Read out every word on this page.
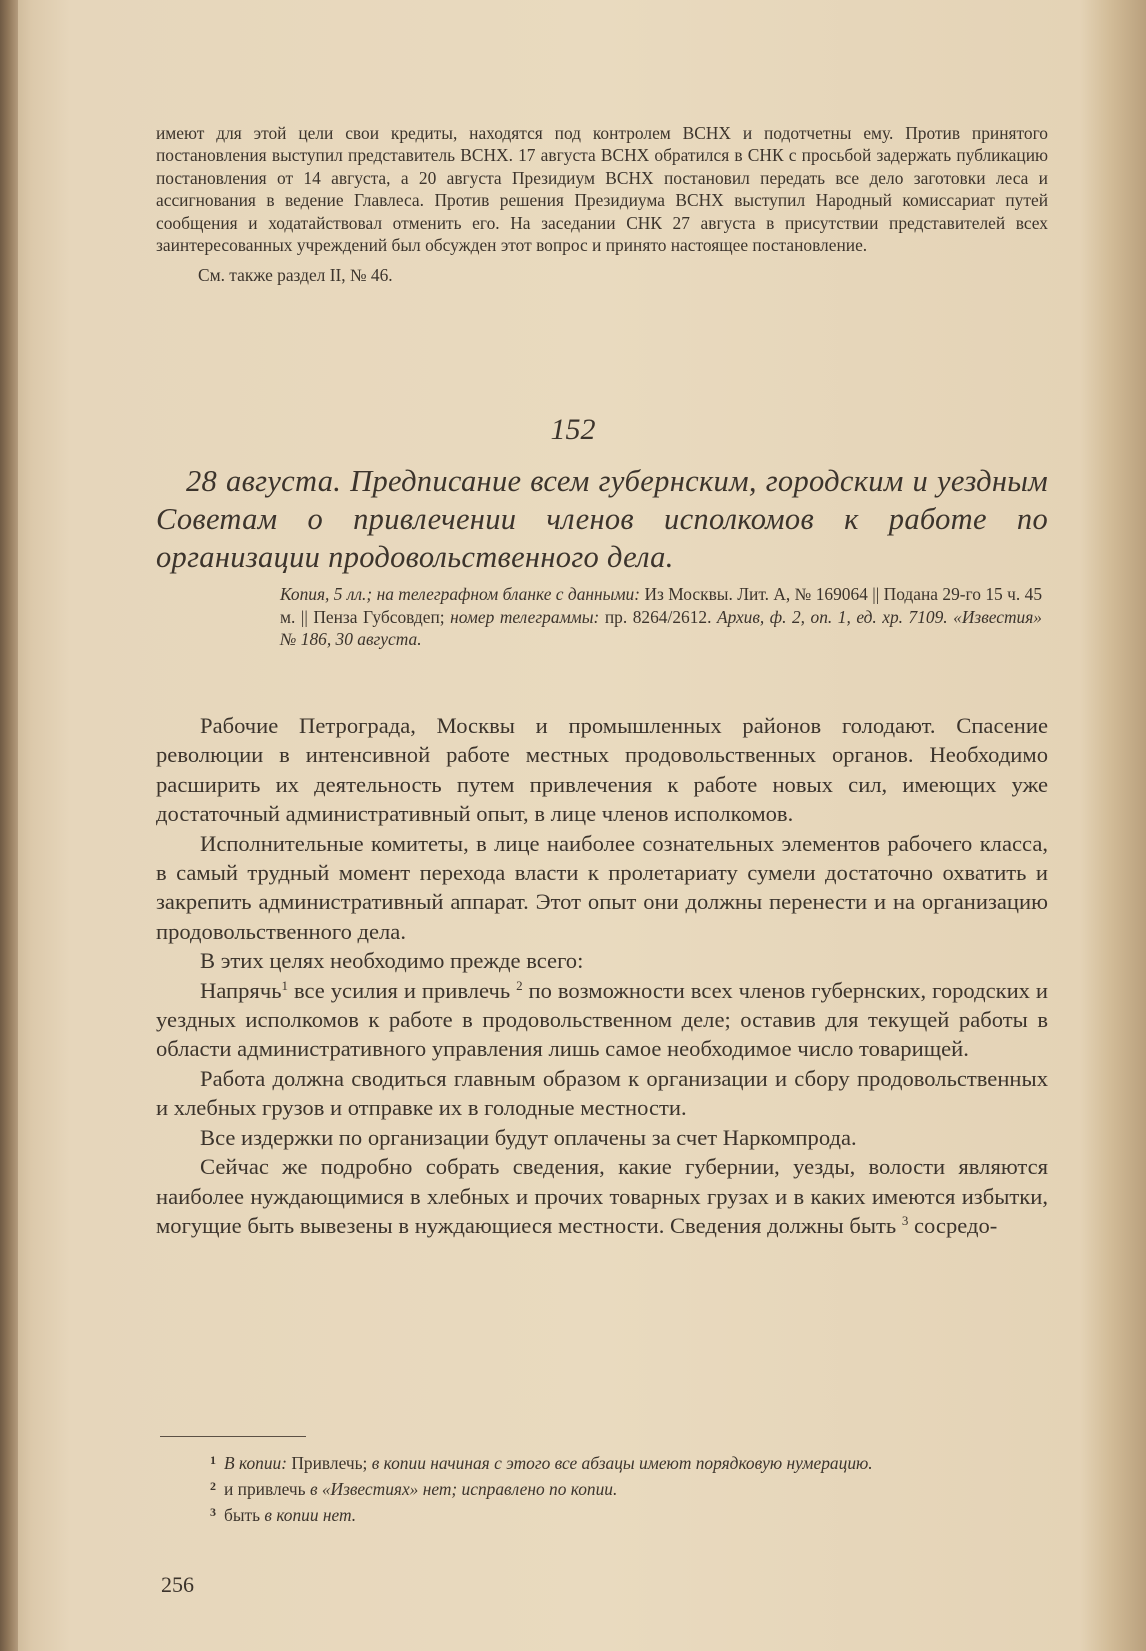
имеют для этой цели свои кредиты, находятся под контролем ВСНХ и подотчетны ему. Против принятого постановления выступил представитель ВСНХ. 17 августа ВСНХ обратился в СНК с просьбой задержать публикацию постановления от 14 августа, а 20 августа Президиум ВСНХ постановил передать все дело заготовки леса и ассигнования в ведение Главлеса. Против решения Президиума ВСНХ выступил Народный комиссариат путей сообщения и ходатайствовал отменить его. На заседании СНК 27 августа в присутствии представителей всех заинтересованных учреждений был обсужден этот вопрос и принято настоящее постановление.

См. также раздел II, № 46.

152
28 августа. Предписание всем губернским, городским и уездным Советам о привлечении членов исполкомов к работе по организации продовольственного дела.
Копия, 5 лл.; на телеграфном бланке с данными: Из Москвы. Лит. А, № 169064 || Подана 29-го 15 ч. 45 м. || Пенза Губсовдеп; номер телеграммы: пр. 8264/2612. Архив, ф. 2, оп. 1, ед. хр. 7109. «Известия» № 186, 30 августа.

Рабочие Петрограда, Москвы и промышленных районов голодают. Спасение революции в интенсивной работе местных продовольственных органов. Необходимо расширить их деятельность путем привлечения к работе новых сил, имеющих уже достаточный административный опыт, в лице членов исполкомов.

Исполнительные комитеты, в лице наиболее сознательных элементов рабочего класса, в самый трудный момент перехода власти к пролетариату сумели достаточно охватить и закрепить административный аппарат. Этот опыт они должны перенести и на организацию продовольственного дела.

В этих целях необходимо прежде всего:

Напрячь$^1$ все усилия и привлечь $^2$ по возможности всех членов губернских, городских и уездных исполкомов к работе в продовольственном деле; оставив для текущей работы в области административного управления лишь самое необходимое число товарищей.

Работа должна сводиться главным образом к организации и сбору продовольственных и хлебных грузов и отправке их в голодные местности.

Все издержки по организации будут оплачены за счет Наркомпрода.

Сейчас же подробно собрать сведения, какие губернии, уезды, волости являются наиболее нуждающимися в хлебных и прочих товарных грузах и в каких имеются избытки, могущие быть вывезены в нуждающиеся местности. Сведения должны быть $^3$ сосредо-

$^1$ В копии: Привлечь; в копии начиная с этого все абзацы имеют порядковую нумерацию.

$^2$ и привлечь в «Известиях» нет; исправлено по копии.

$^3$ быть в копии нет.

256
